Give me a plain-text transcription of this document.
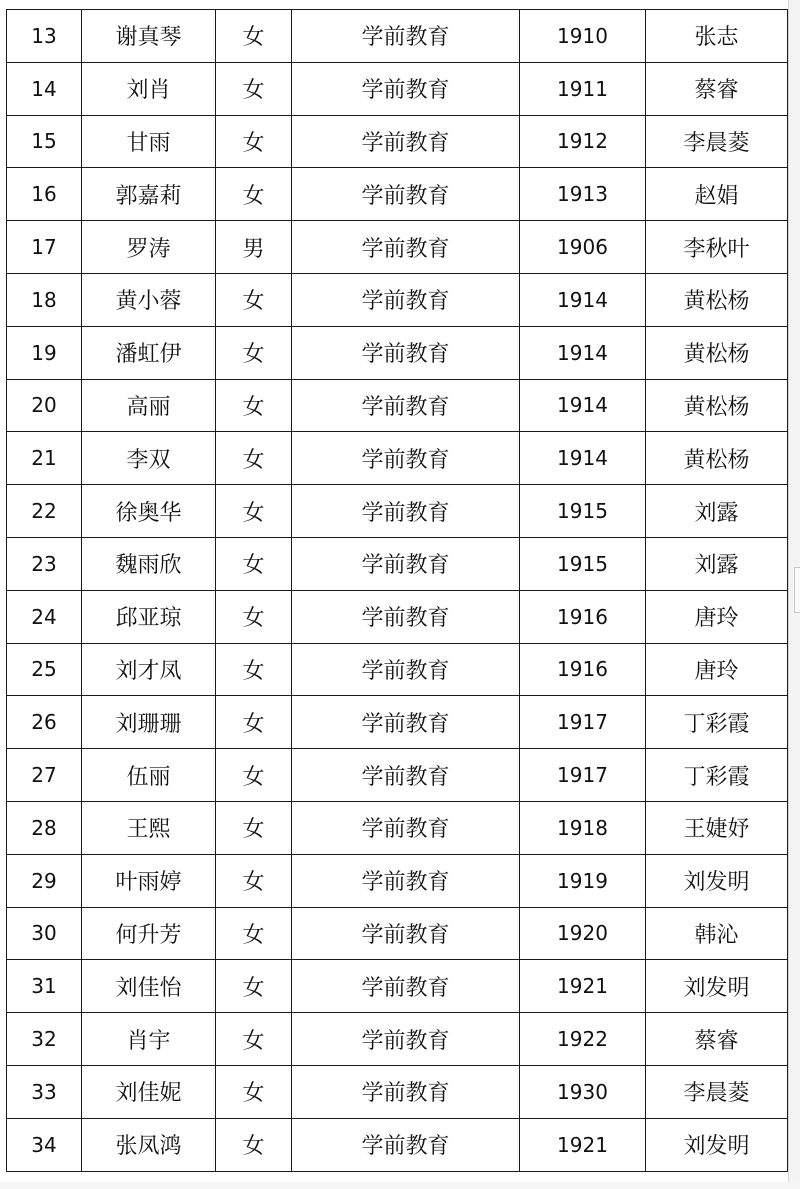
13	谢真琴	女	学前教育	1910	张志
14	刘肖	女	学前教育	1911	蔡睿
15	甘雨	女	学前教育	1912	李晨菱
16	郭嘉莉	女	学前教育	1913	赵娟
17	罗涛	男	学前教育	1906	李秋叶
18	黄小蓉	女	学前教育	1914	黄松杨
19	潘虹伊	女	学前教育	1914	黄松杨
20	高丽	女	学前教育	1914	黄松杨
21	李双	女	学前教育	1914	黄松杨
22	徐奥华	女	学前教育	1915	刘露
23	魏雨欣	女	学前教育	1915	刘露
24	邱亚琼	女	学前教育	1916	唐玲
25	刘才凤	女	学前教育	1916	唐玲
26	刘珊珊	女	学前教育	1917	丁彩霞
27	伍丽	女	学前教育	1917	丁彩霞
28	王熙	女	学前教育	1918	王婕妤
29	叶雨婷	女	学前教育	1919	刘发明
30	何升芳	女	学前教育	1920	韩沁
31	刘佳怡	女	学前教育	1921	刘发明
32	肖宇	女	学前教育	1922	蔡睿
33	刘佳妮	女	学前教育	1930	李晨菱
34	张凤鸿	女	学前教育	1921	刘发明
